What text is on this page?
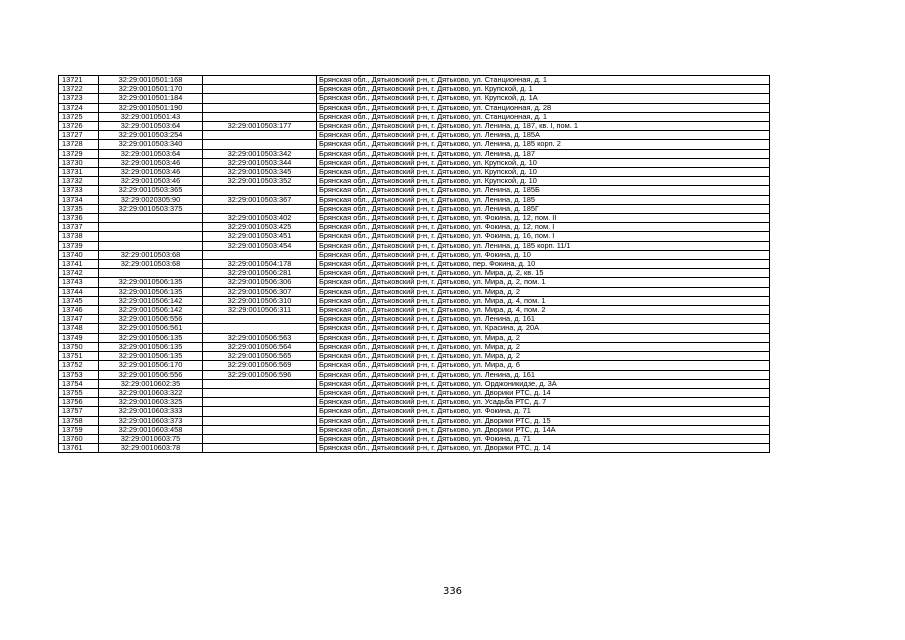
13721	32:29:0010501:168		Брянская обл., Дятьковский р-н, г. Дятьково, ул. Станционная, д. 1
13722	32:29:0010501:170		Брянская обл., Дятьковский р-н, г. Дятьково, ул. Крупской, д. 1
13723	32:29:0010501:184		Брянская обл., Дятьковский р-н, г. Дятьково, ул. Крупской, д. 1А
13724	32:29:0010501:190		Брянская обл., Дятьковский р-н, г. Дятьково, ул. Станционная, д. 28
13725	32:29:0010501:43		Брянская обл., Дятьковский р-н, г. Дятьково, ул. Станционная, д. 1
13726	32:29:0010503:64	32:29:0010503:177	Брянская обл., Дятьковский р-н, г. Дятьково, ул. Ленина, д. 187, кв. I, пом. 1
13727	32:29:0010503:254		Брянская обл., Дятьковский р-н, г. Дятьково, ул. Ленина, д. 185А
13728	32:29:0010503:340		Брянская обл., Дятьковский р-н, г. Дятьково, ул. Ленина, д. 185 корп. 2
13729	32:29:0010503:64	32:29:0010503:342	Брянская обл., Дятьковский р-н, г. Дятьково, ул. Ленина, д. 187
13730	32:29:0010503:46	32:29:0010503:344	Брянская обл., Дятьковский р-н, г. Дятьково, ул. Крупской, д. 10
13731	32:29:0010503:46	32:29:0010503:345	Брянская обл., Дятьковский р-н, г. Дятьково, ул. Крупской, д. 10
13732	32:29:0010503:46	32:29:0010503:352	Брянская обл., Дятьковский р-н, г. Дятьково, ул. Крупской, д. 10
13733	32:29:0010503:365		Брянская обл., Дятьковский р-н, г. Дятьково, ул. Ленина, д. 185Б
13734	32:29:0020305:90	32:29:0010503:367	Брянская обл., Дятьковский р-н, г. Дятьково, ул. Ленина, д. 185
13735	32:29:0010503:375		Брянская обл., Дятьковский р-н, г. Дятьково, ул. Ленина, д. 185Г
13736		32:29:0010503:402	Брянская обл., Дятьковский р-н, г. Дятьково, ул. Фокина, д. 12, пом. II
13737		32:29:0010503:425	Брянская обл., Дятьковский р-н, г. Дятьково, ул. Фокина, д. 12, пом. I
13738		32:29:0010503:451	Брянская обл., Дятьковский р-н, г. Дятьково, ул. Фокина, д. 16, пом. I
13739		32:29:0010503:454	Брянская обл., Дятьковский р-н, г. Дятьково, ул. Ленина, д. 185 корп. 11/1
13740	32:29:0010503:68		Брянская обл., Дятьковский р-н, г. Дятьково, ул. Фокина, д. 10
13741	32:29:0010503:68	32:29:0010504:178	Брянская обл., Дятьковский р-н, г. Дятьково, пер. Фокина, д. 10
13742		32:29:0010506:281	Брянская обл., Дятьковский р-н, г. Дятьково, ул. Мира, д. 2, кв. 15
13743	32:29:0010506:135	32:29:0010506:306	Брянская обл., Дятьковский р-н, г. Дятьково, ул. Мира, д. 2, пом. 1
13744	32:29:0010506:135	32:29:0010506:307	Брянская обл., Дятьковский р-н, г. Дятьково, ул. Мира, д. 2
13745	32:29:0010506:142	32:29:0010506:310	Брянская обл., Дятьковский р-н, г. Дятьково, ул. Мира, д. 4, пом. 1
13746	32:29:0010506:142	32:29:0010506:311	Брянская обл., Дятьковский р-н, г. Дятьково, ул. Мира, д. 4, пом. 2
13747	32:29:0010506:556		Брянская обл., Дятьковский р-н, г. Дятьково, ул. Ленина, д. 161
13748	32:29:0010506:561		Брянская обл., Дятьковский р-н, г. Дятьково, ул. Красина, д. 20А
13749	32:29:0010506:135	32:29:0010506:563	Брянская обл., Дятьковский р-н, г. Дятьково, ул. Мира, д. 2
13750	32:29:0010506:135	32:29:0010506:564	Брянская обл., Дятьковский р-н, г. Дятьково, ул. Мира, д. 2
13751	32:29:0010506:135	32:29:0010506:565	Брянская обл., Дятьковский р-н, г. Дятьково, ул. Мира, д. 2
13752	32:29:0010506:170	32:29:0010506:569	Брянская обл., Дятьковский р-н, г. Дятьково, ул. Мира, д. 6
13753	32:29:0010506:556	32:29:0010506:596	Брянская обл., Дятьковский р-н, г. Дятьково, ул. Ленина, д. 161
13754	32:29:0010602:35		Брянская обл., Дятьковский р-н, г. Дятьково, ул. Орджоникидзе, д. 3А
13755	32:29:0010603:322		Брянская обл., Дятьковский р-н, г. Дятьково, ул. Дворики РТС, д. 14
13756	32:29:0010603:325		Брянская обл., Дятьковский р-н, г. Дятьково, ул. Усадьба РТС, д. 7
13757	32:29:0010603:333		Брянская обл., Дятьковский р-н, г. Дятьково, ул. Фокина, д. 71
13758	32:29:0010603:373		Брянская обл., Дятьковский р-н, г. Дятьково, ул. Дворики РТС, д. 15
13759	32:29:0010603:458		Брянская обл., Дятьковский р-н, г. Дятьково, ул. Дворики РТС, д. 14А
13760	32:29:0010603:75		Брянская обл., Дятьковский р-н, г. Дятьково, ул. Фокина, д. 71
13761	32:29:0010603:78		Брянская обл., Дятьковский р-н, г. Дятьково, ул. Дворики РТС, д. 14
336
